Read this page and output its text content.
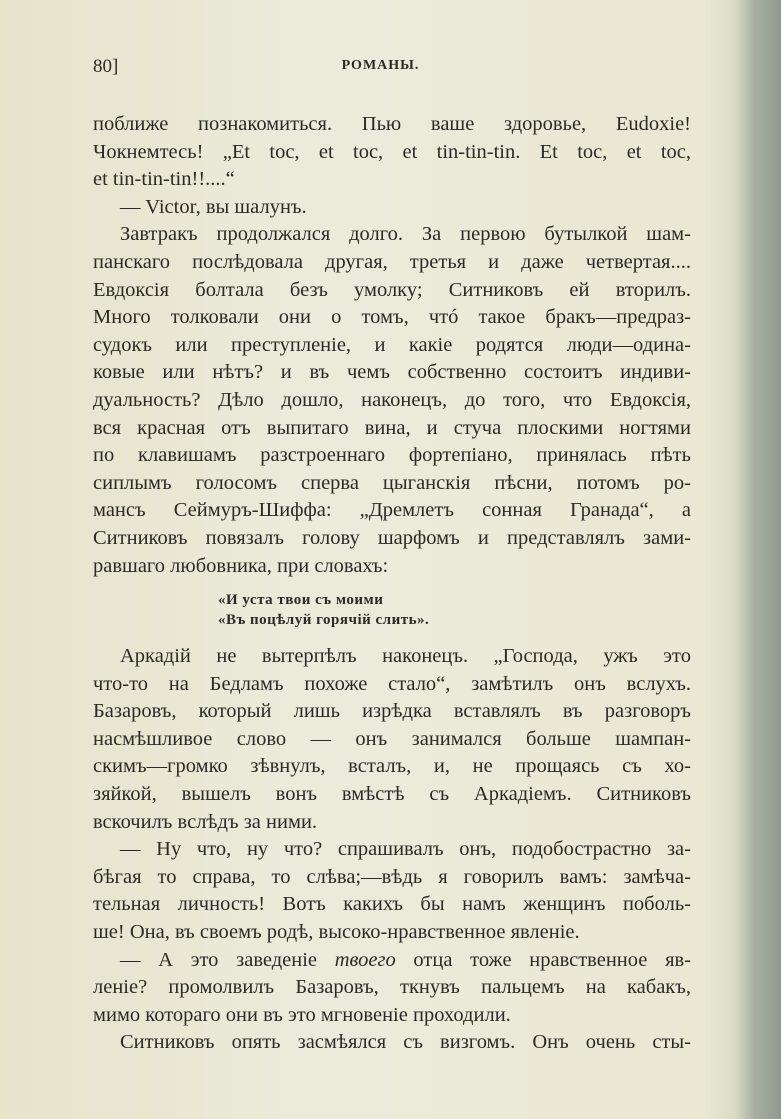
80]	РОМАНЫ.
поближе познакомиться. Пью ваше здоровье, Eudoxie!
Чокнемтесь! „Et toc, et toc, et tin-tin-tin. Et toc, et toc,
et tin-tin-tin!!....“
— Victor, вы шалунъ.
Завтракъ продолжался долго. За первою бутылкой шам-
панскаго послѣдовала другая, третья и даже четвертая....
Евдоксія болтала безъ умолку; Ситниковъ ей вторилъ.
Много толковали они о томъ, чтó такое бракъ—предраз-
судокъ или преступленіе, и какіе родятся люди—одина-
ковые или нѣтъ? и въ чемъ собственно состоитъ индиви-
дуальность? Дѣло дошло, наконецъ, до того, что Евдоксія,
вся красная отъ выпитаго вина, и стуча плоскими ногтями
по клавишамъ разстроеннаго фортепіано, принялась пѣть
сиплымъ голосомъ сперва цыганскія пѣсни, потомъ ро-
мансъ Сеймуръ-Шиффа: „Дремлетъ сонная Гранада“, а
Ситниковъ повязалъ голову шарфомъ и представлялъ зами-
равшаго любовника, при словахъ:
«И уста твои съ моими
«Въ поцѣлуй горячій слить».
Аркадій не вытерпѣлъ наконецъ. „Господа, ужъ это
что-то на Бедламъ похоже стало“, замѣтилъ онъ вслухъ.
Базаровъ, который лишь изрѣдка вставлялъ въ разговоръ
насмѣшливое слово — онъ занимался больше шампан-
скимъ—громко зѣвнулъ, всталъ, и, не прощаясь съ хо-
зяйкой, вышелъ вонъ вмѣстѣ съ Аркадіемъ. Ситниковъ
вскочилъ вслѣдъ за ними.
— Ну что, ну что? спрашивалъ онъ, подобострастно за-
бѣгая то справа, то слѣва;—вѣдь я говорилъ вамъ: замѣча-
тельная личность! Вотъ какихъ бы намъ женщинъ поболь-
ше! Она, въ своемъ родѣ, высоко-нравственное явленіе.
— А это заведеніе твоего отца тоже нравственное яв-
леніе? промолвилъ Базаровъ, ткнувъ пальцемъ на кабакъ,
мимо котораго они въ это мгновеніе проходили.
Ситниковъ опять засмѣялся съ визгомъ. Онъ очень сты-
